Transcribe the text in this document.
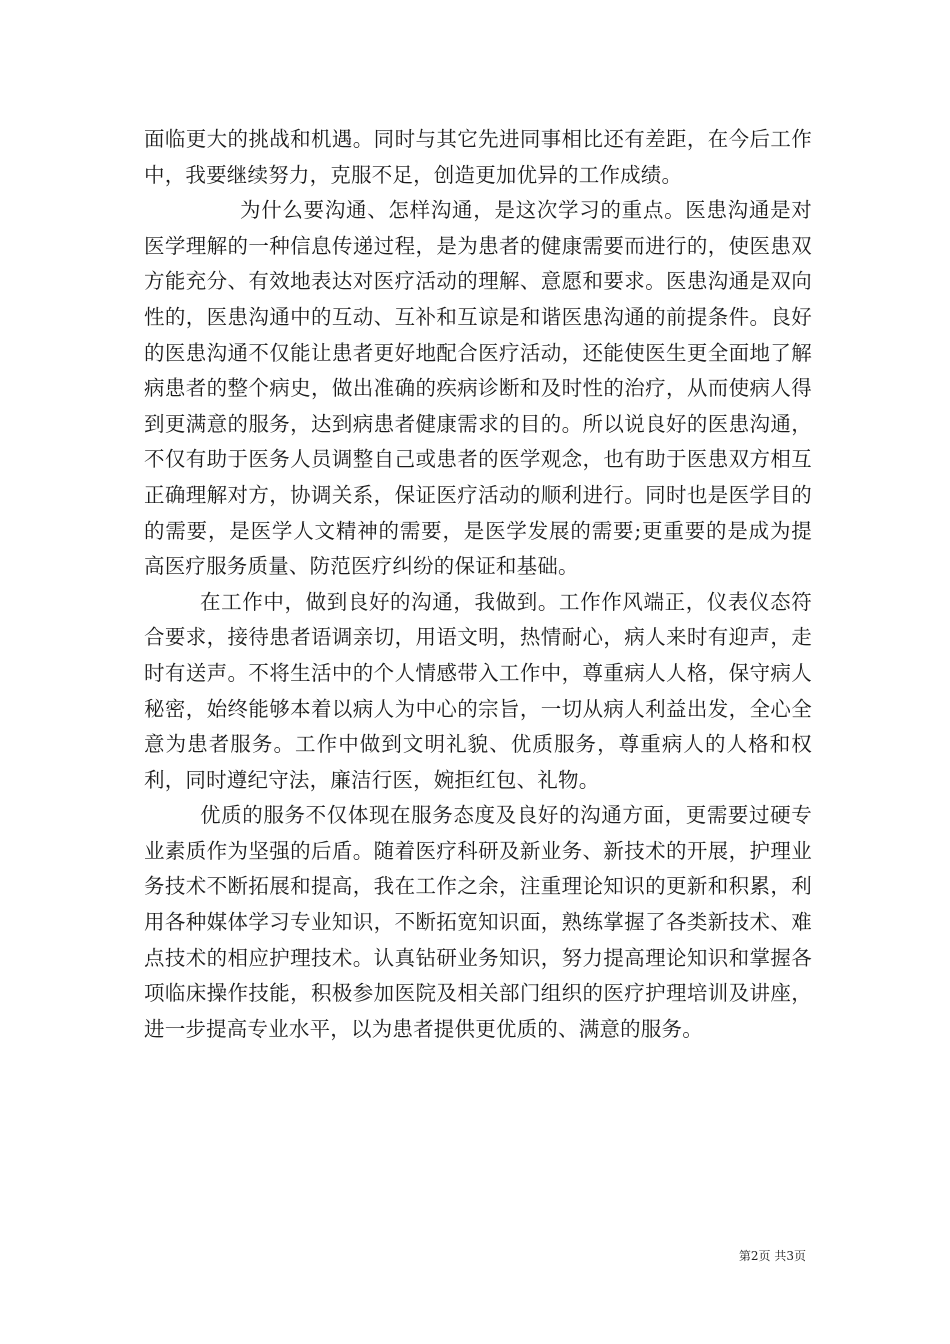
面临更大的挑战和机遇。同时与其它先进同事相比还有差距，在今后工作中，我要继续努力，克服不足，创造更加优异的工作成绩。

为什么要沟通、怎样沟通，是这次学习的重点。医患沟通是对医学理解的一种信息传递过程，是为患者的健康需要而进行的，使医患双方能充分、有效地表达对医疗活动的理解、意愿和要求。医患沟通是双向性的，医患沟通中的互动、互补和互谅是和谐医患沟通的前提条件。良好的医患沟通不仅能让患者更好地配合医疗活动，还能使医生更全面地了解病患者的整个病史，做出准确的疾病诊断和及时性的治疗，从而使病人得到更满意的服务，达到病患者健康需求的目的。所以说良好的医患沟通，不仅有助于医务人员调整自己或患者的医学观念，也有助于医患双方相互正确理解对方，协调关系，保证医疗活动的顺利进行。同时也是医学目的的需要，是医学人文精神的需要，是医学发展的需要;更重要的是成为提高医疗服务质量、防范医疗纠纷的保证和基础。

在工作中，做到良好的沟通，我做到。工作作风端正，仪表仪态符合要求，接待患者语调亲切，用语文明，热情耐心，病人来时有迎声，走时有送声。不将生活中的个人情感带入工作中，尊重病人人格，保守病人秘密，始终能够本着以病人为中心的宗旨，一切从病人利益出发，全心全意为患者服务。工作中做到文明礼貌、优质服务，尊重病人的人格和权利，同时遵纪守法，廉洁行医，婉拒红包、礼物。

优质的服务不仅体现在服务态度及良好的沟通方面，更需要过硬专业素质作为坚强的后盾。随着医疗科研及新业务、新技术的开展，护理业务技术不断拓展和提高，我在工作之余，注重理论知识的更新和积累，利用各种媒体学习专业知识，不断拓宽知识面，熟练掌握了各类新技术、难点技术的相应护理技术。认真钻研业务知识，努力提高理论知识和掌握各项临床操作技能，积极参加医院及相关部门组织的医疗护理培训及讲座，进一步提高专业水平，以为患者提供更优质的、满意的服务。

第2页 共3页
